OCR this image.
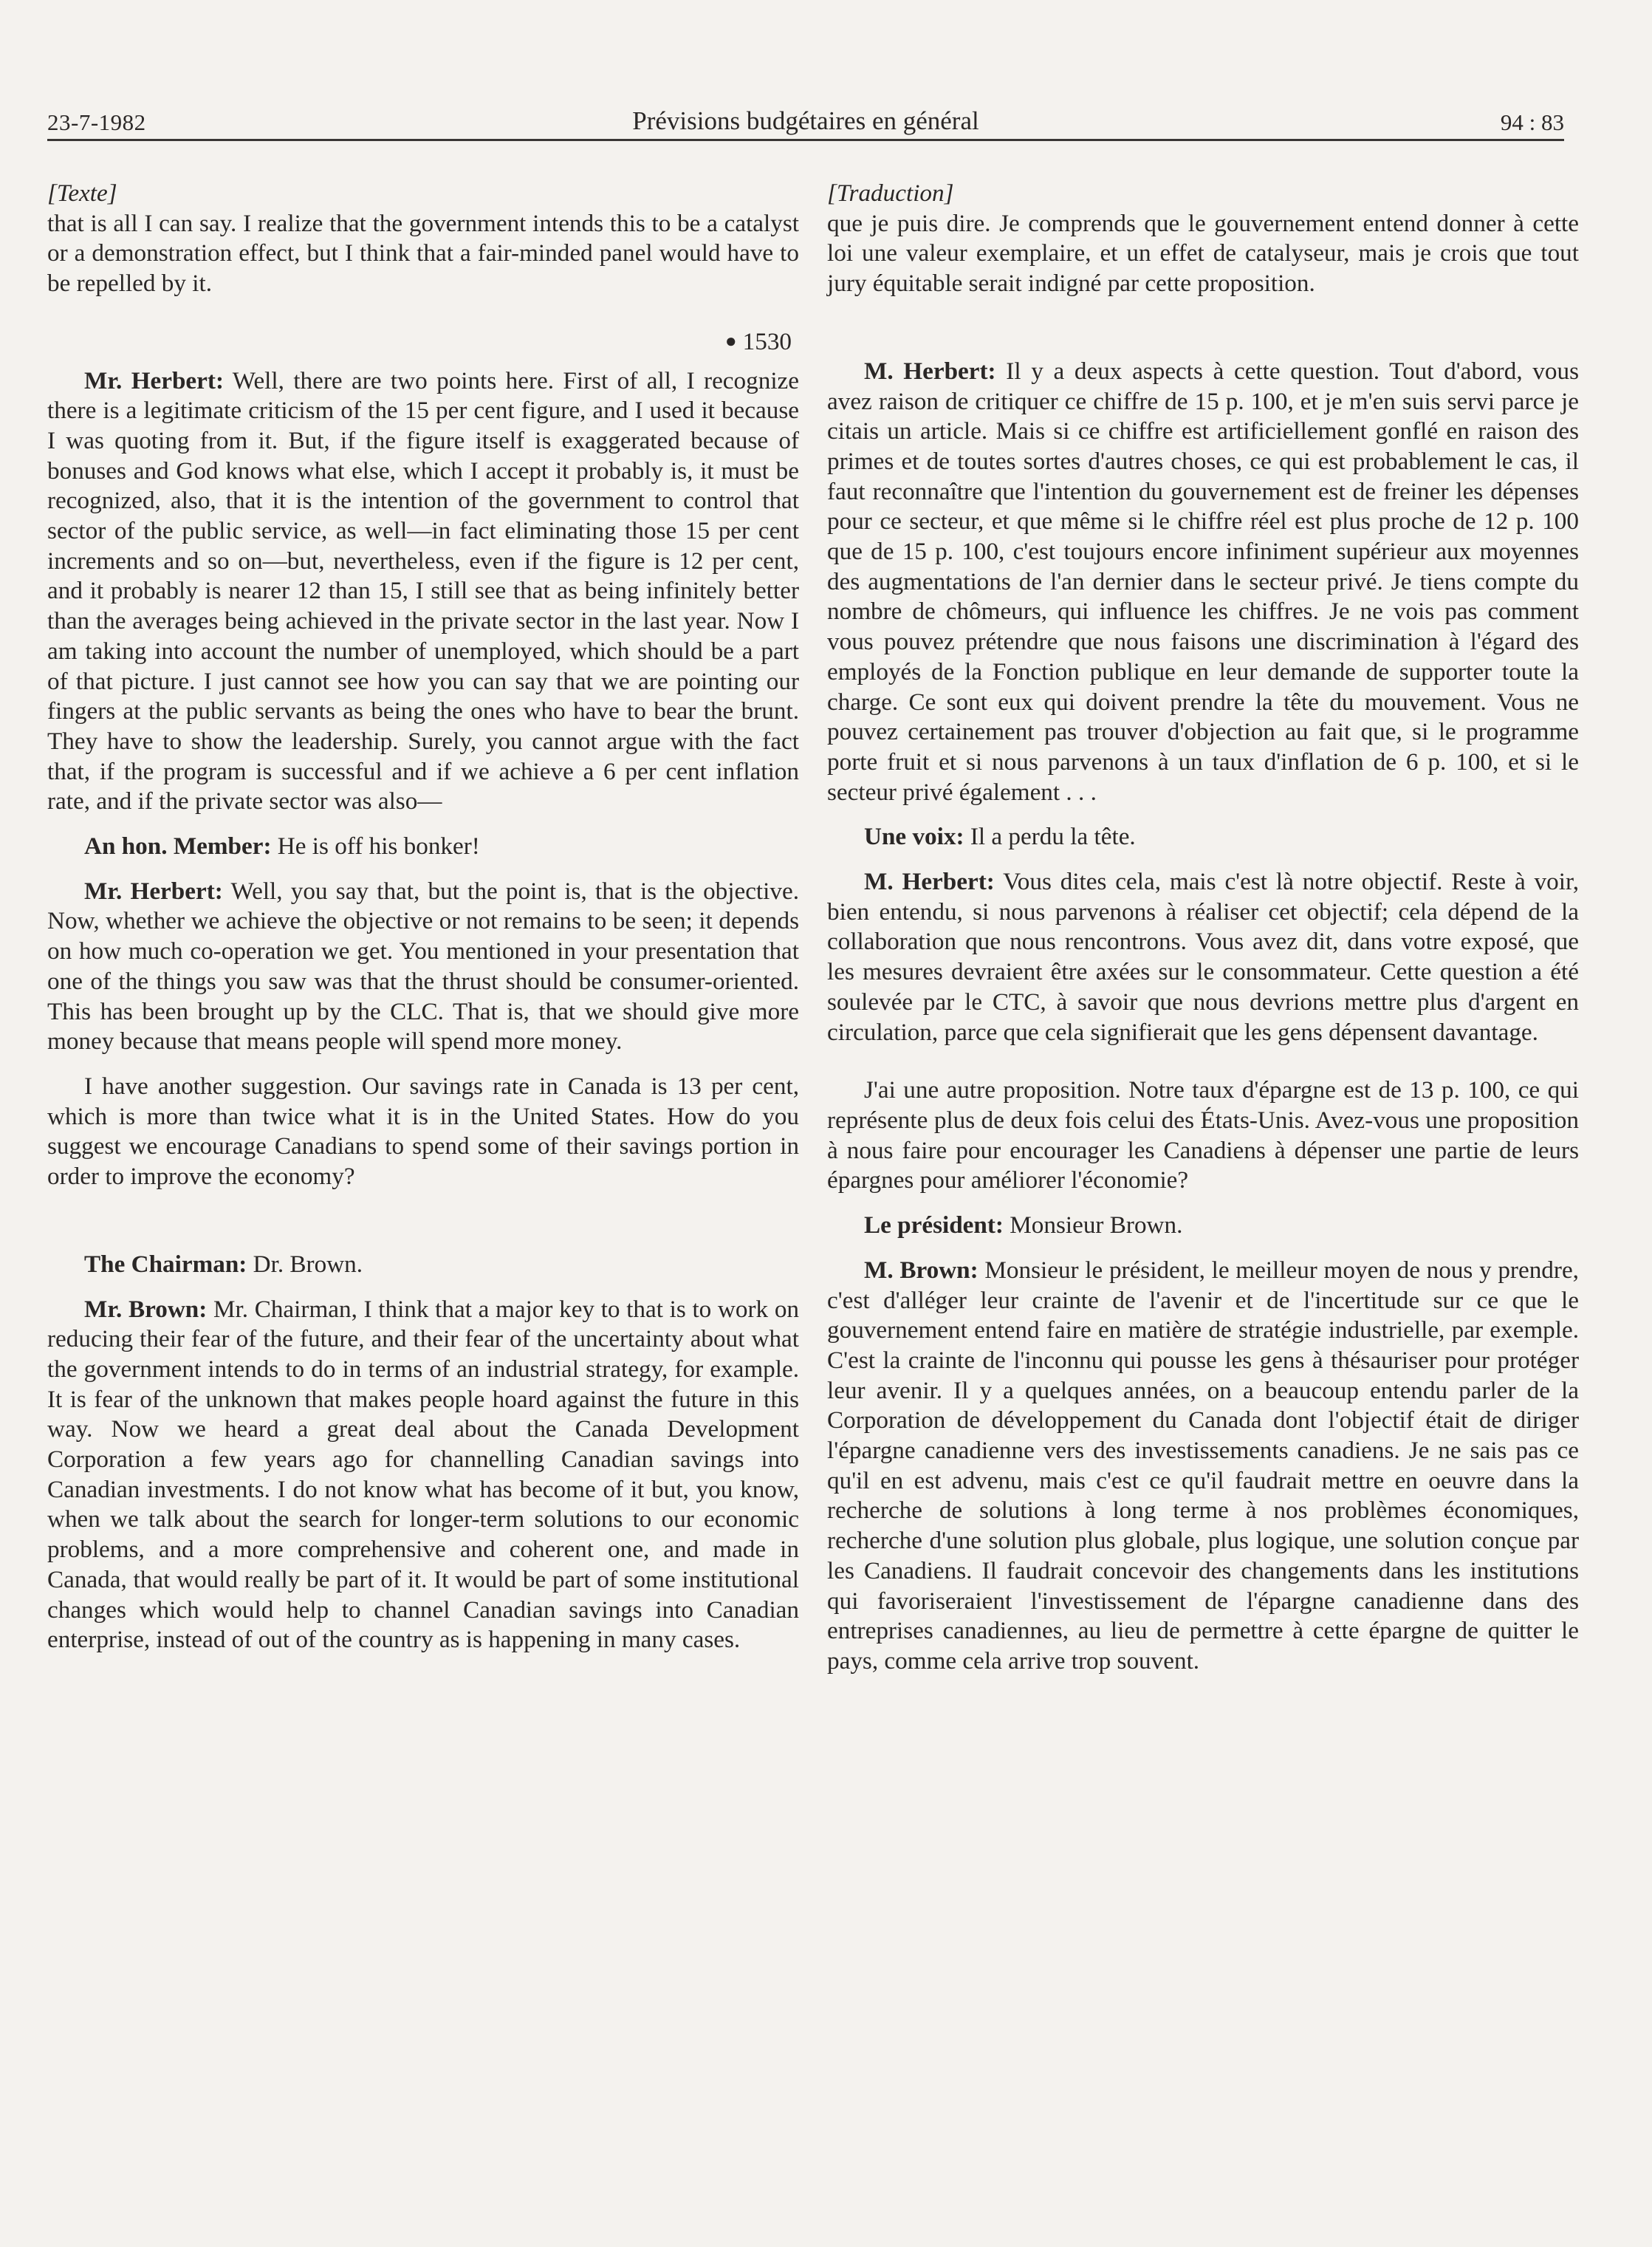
23-7-1982	Prévisions budgétaires en général	94 : 83

[Texte]

that is all I can say. I realize that the government intends this to be a catalyst or a demonstration effect, but I think that a fair-minded panel would have to be repelled by it.

● 1530

Mr. Herbert: Well, there are two points here. First of all, I recognize there is a legitimate criticism of the 15 per cent figure, and I used it because I was quoting from it. But, if the figure itself is exaggerated because of bonuses and God knows what else, which I accept it probably is, it must be recognized, also, that it is the intention of the government to control that sector of the public service, as well—in fact eliminating those 15 per cent increments and so on—but, nevertheless, even if the figure is 12 per cent, and it probably is nearer 12 than 15, I still see that as being infinitely better than the averages being achieved in the private sector in the last year. Now I am taking into account the number of unemployed, which should be a part of that picture. I just cannot see how you can say that we are pointing our fingers at the public servants as being the ones who have to bear the brunt. They have to show the leadership. Surely, you cannot argue with the fact that, if the program is successful and if we achieve a 6 per cent inflation rate, and if the private sector was also—

An hon. Member: He is off his bonker!

Mr. Herbert: Well, you say that, but the point is, that is the objective. Now, whether we achieve the objective or not remains to be seen; it depends on how much co-operation we get. You mentioned in your presentation that one of the things you saw was that the thrust should be consumer-oriented. This has been brought up by the CLC. That is, that we should give more money because that means people will spend more money.

I have another suggestion. Our savings rate in Canada is 13 per cent, which is more than twice what it is in the United States. How do you suggest we encourage Canadians to spend some of their savings portion in order to improve the economy?

The Chairman: Dr. Brown.

Mr. Brown: Mr. Chairman, I think that a major key to that is to work on reducing their fear of the future, and their fear of the uncertainty about what the government intends to do in terms of an industrial strategy, for example. It is fear of the unknown that makes people hoard against the future in this way. Now we heard a great deal about the Canada Development Corporation a few years ago for channelling Canadian savings into Canadian investments. I do not know what has become of it but, you know, when we talk about the search for longer-term solutions to our economic problems, and a more comprehensive and coherent one, and made in Canada, that would really be part of it. It would be part of some institutional changes which would help to channel Canadian savings into Canadian enterprise, instead of out of the country as is happening in many cases.

[Traduction]

que je puis dire. Je comprends que le gouvernement entend donner à cette loi une valeur exemplaire, et un effet de catalyseur, mais je crois que tout jury équitable serait indigné par cette proposition.

M. Herbert: Il y a deux aspects à cette question. Tout d'abord, vous avez raison de critiquer ce chiffre de 15 p. 100, et je m'en suis servi parce je citais un article. Mais si ce chiffre est artificiellement gonflé en raison des primes et de toutes sortes d'autres choses, ce qui est probablement le cas, il faut reconnaître que l'intention du gouvernement est de freiner les dépenses pour ce secteur, et que même si le chiffre réel est plus proche de 12 p. 100 que de 15 p. 100, c'est toujours encore infiniment supérieur aux moyennes des augmentations de l'an dernier dans le secteur privé. Je tiens compte du nombre de chômeurs, qui influence les chiffres. Je ne vois pas comment vous pouvez prétendre que nous faisons une discrimination à l'égard des employés de la Fonction publique en leur demande de supporter toute la charge. Ce sont eux qui doivent prendre la tête du mouvement. Vous ne pouvez certainement pas trouver d'objection au fait que, si le programme porte fruit et si nous parvenons à un taux d'inflation de 6 p. 100, et si le secteur privé également . . .

Une voix: Il a perdu la tête.

M. Herbert: Vous dites cela, mais c'est là notre objectif. Reste à voir, bien entendu, si nous parvenons à réaliser cet objectif; cela dépend de la collaboration que nous rencontrons. Vous avez dit, dans votre exposé, que les mesures devraient être axées sur le consommateur. Cette question a été soulevée par le CTC, à savoir que nous devrions mettre plus d'argent en circulation, parce que cela signifierait que les gens dépensent davantage.

J'ai une autre proposition. Notre taux d'épargne est de 13 p. 100, ce qui représente plus de deux fois celui des États-Unis. Avez-vous une proposition à nous faire pour encourager les Canadiens à dépenser une partie de leurs épargnes pour améliorer l'économie?

Le président: Monsieur Brown.

M. Brown: Monsieur le président, le meilleur moyen de nous y prendre, c'est d'alléger leur crainte de l'avenir et de l'incertitude sur ce que le gouvernement entend faire en matière de stratégie industrielle, par exemple. C'est la crainte de l'inconnu qui pousse les gens à thésauriser pour protéger leur avenir. Il y a quelques années, on a beaucoup entendu parler de la Corporation de développement du Canada dont l'objectif était de diriger l'épargne canadienne vers des investissements canadiens. Je ne sais pas ce qu'il en est advenu, mais c'est ce qu'il faudrait mettre en oeuvre dans la recherche de solutions à long terme à nos problèmes économiques, recherche d'une solution plus globale, plus logique, une solution conçue par les Canadiens. Il faudrait concevoir des changements dans les institutions qui favoriseraient l'investissement de l'épargne canadienne dans des entreprises canadiennes, au lieu de permettre à cette épargne de quitter le pays, comme cela arrive trop souvent.
